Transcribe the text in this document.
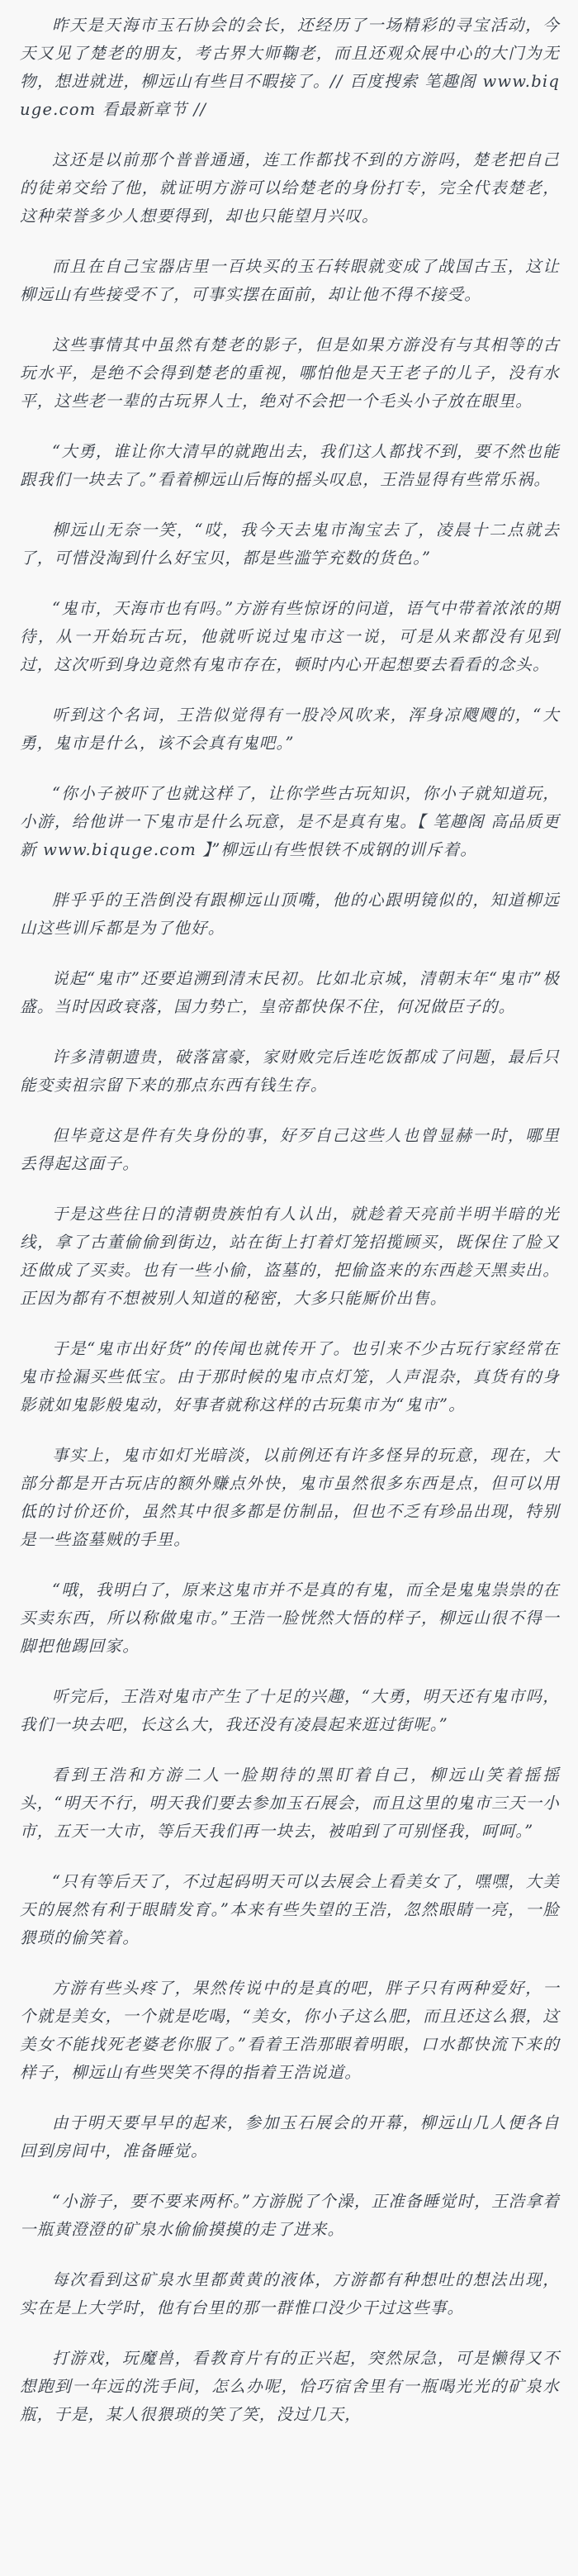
昨天是天海市玉石协会的会长，还经历了一场精彩的寻宝活动，今天又见了楚老的朋友，考古界大师鞠老，而且还观众展中心的大门为无物，想进就进，柳远山有些目不暇接了。// 百度搜索 笔趣阁 www.biquge.com 看最新章节 //

这还是以前那个普普通通，连工作都找不到的方游吗，楚老把自己的徒弟交给了他，就证明方游可以给楚老的身份打专，完全代表楚老，这种荣誉多少人想要得到，却也只能望月兴叹。

而且在自己宝器店里一百块买的玉石转眼就变成了战国古玉，这让柳远山有些接受不了，可事实摆在面前，却让他不得不接受。

这些事情其中虽然有楚老的影子，但是如果方游没有与其相等的古玩水平，是绝不会得到楚老的重视，哪怕他是天王老子的儿子，没有水平，这些老一辈的古玩界人士，绝对不会把一个毛头小子放在眼里。

“大勇，谁让你大清早的就跑出去，我们这人都找不到，要不然也能跟我们一块去了。”看着柳远山后悔的摇头叹息，王浩显得有些常乐祸。

柳远山无奈一笑，“哎，我今天去鬼市淘宝去了，凌晨十二点就去了，可惜没淘到什么好宝贝，都是些滥竽充数的货色。”

“鬼市，天海市也有吗。”方游有些惊讶的问道，语气中带着浓浓的期待，从一开始玩古玩，他就听说过鬼市这一说，可是从来都没有见到过，这次听到身边竟然有鬼市存在，顿时内心开起想要去看看的念头。

听到这个名词，王浩似觉得有一股冷风吹来，浑身凉飕飕的，“大勇，鬼市是什么，该不会真有鬼吧。”

“你小子被吓了也就这样了，让你学些古玩知识，你小子就知道玩，小游，给他讲一下鬼市是什么玩意，是不是真有鬼。【 笔趣阁 高品质更新 www.biquge.com 】”柳远山有些恨铁不成钢的训斥着。

胖乎乎的王浩倒没有跟柳远山顶嘴，他的心跟明镜似的，知道柳远山这些训斥都是为了他好。

说起“鬼市”还要追溯到清末民初。比如北京城，清朝末年“鬼市”极盛。当时因政衰落，国力势亡，皇帝都快保不住，何况做臣子的。

许多清朝遗贵，破落富豪，家财败完后连吃饭都成了问题，最后只能变卖祖宗留下来的那点东西有钱生存。

但毕竟这是件有失身份的事，好歹自己这些人也曾显赫一时，哪里丢得起这面子。

于是这些往日的清朝贵族怕有人认出，就趁着天亮前半明半暗的光线，拿了古董偷偷到街边，站在街上打着灯笼招揽顾买，既保住了脸又还做成了买卖。也有一些小偷，盗墓的，把偷盗来的东西趁天黑卖出。正因为都有不想被别人知道的秘密，大多只能厮价出售。

于是“鬼市出好货”的传闻也就传开了。也引来不少古玩行家经常在鬼市捡漏买些低宝。由于那时候的鬼市点灯笼，人声混杂，真货有的身影就如鬼影般鬼动，好事者就称这样的古玩集市为“鬼市”。

事实上，鬼市如灯光暗淡，以前例还有许多怪异的玩意，现在，大部分都是开古玩店的额外赚点外快，鬼市虽然很多东西是点，但可以用低的讨价还价，虽然其中很多都是仿制品，但也不乏有珍品出现，特别是一些盗墓贼的手里。

“哦，我明白了，原来这鬼市并不是真的有鬼，而全是鬼鬼祟祟的在买卖东西，所以称做鬼市。”王浩一脸恍然大悟的样子，柳远山很不得一脚把他踢回家。

听完后，王浩对鬼市产生了十足的兴趣，“大勇，明天还有鬼市吗，我们一块去吧，长这么大，我还没有凌晨起来逛过街呢。”

看到王浩和方游二人一脸期待的黑盯着自己，柳远山笑着摇摇头，“明天不行，明天我们要去参加玉石展会，而且这里的鬼市三天一小市，五天一大市，等后天我们再一块去，被咱到了可别怪我，呵呵。”

“只有等后天了，不过起码明天可以去展会上看美女了，嘿嘿，大美天的展然有利于眼睛发育。”本来有些失望的王浩，忽然眼睛一亮，一脸猥琐的偷笑着。

方游有些头疼了，果然传说中的是真的吧，胖子只有两种爱好，一个就是美女，一个就是吃喝，“美女，你小子这么肥，而且还这么猥，这美女不能找死老婆老你服了。”看着王浩那眼着明眼，口水都快流下来的样子，柳远山有些哭笑不得的指着王浩说道。

由于明天要早早的起来，参加玉石展会的开幕，柳远山几人便各自回到房间中，准备睡觉。

“小游子，要不要来两杯。”方游脱了个澡，正准备睡觉时，王浩拿着一瓶黄澄澄的矿泉水偷偷摸摸的走了进来。

每次看到这矿泉水里都黄黄的液体，方游都有种想吐的想法出现，实在是上大学时，他有台里的那一群惟口没少干过这些事。

打游戏，玩魔兽，看教育片有的正兴起，突然尿急，可是懒得又不想跑到一年远的洗手间，怎么办呢，恰巧宿舍里有一瓶喝光光的矿泉水瓶，于是，某人很猥琐的笑了笑，没过几天，
